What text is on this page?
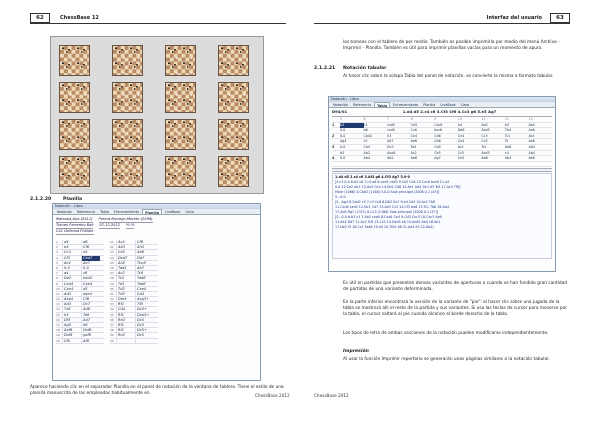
62	ChessBase 12
2.1.2.20	Planilla
Notación - Libro
Notación	Referencia	Tabla	Entrenamiento	Planilla	LiveBook	Libro
Matsuba,Ana (2411) Perera Borrego,Moreto (2598)
Torneo Ferrerino Bali 07.12.2012 ½-½
C41 Defensa Philidor
1	d4	d6
2	e4	Cf6
3	Cc3	e5
4	Cf3	Cbd7
5	Ac4	Ae7
6	0-0	0-0
7	a4	c6
8	De2	exd4
9	Cxd4	Cxe4
10	Cxe4	d5
11	Ad3	dxe4
12	Axe4	Cf6
13	Ad3	Dc7
14	Td1	Ad6
15	h3	Te8
16	Df3	Ad7
17	Ag5	h6
18	Axf6	Dxf6
19	Dxf6	gxf6
20	Cf5	Af8
21	Ac4	Cf6
22	Ab3	Ah5
23	Ce5	Ae6
24	Dxd7	Dd7
25	Ah2	Tbc8
26	Tad1	Ab7
27	Ac2	Tc8
28	Tc3	Tad8
29	Ta3	Tad8
30	Td2	Cxe4
31	Td3	Cd4
32	Dm5	Axg3+
33	Rf1	Tf8
34	Cd4	Dc5+
35	Rf1	Dxb5+
36	Re2	Dc5
37	Rf1	Dc5
38	Rf1	Dc5+
39	Re2	Dc5
40
Aparece haciendo clic en el separador Planilla en el panel de notación de la ventana de tablero. Tiene el estilo de una planilla manuscrita de las empleadas habitualmente en	ChessBase 2012
Interfaz del usuario	63
los torneos con el tablero de por medio. También es posible imprimirla por medio del menú Archivo - Imprimir - Planilla. También es útil para imprimir planillas vacías para un momento de apuro.
2.1.2.21 Notación tabular
Al hacer clic sobre la solapa Tabla del panel de notación, se convierte la misma a formato tabular.
Es útil en partidas que presenten densas variantes de aperturas o cuando se han fundido gran cantidad de partidas de una variante determinada.
En la parte inferior encontrará la versión de la variante de "pie": al hacer clic sobre una jugada de la tabla se mostrará allí el resto de la partida y sus variantes. Si usa las teclas de cursor para moverse por la tabla, el cursor saltará al pie cuando alcance el borde derecho de la tabla.
Los tipos de letra de ambas secciones de la notación pueden modificarse independientemente.
Impresión
Al usar la función Imprimir repertorio se generarán unas páginas similares a la notación tabular.
ChessBase 2012
Notación - Libro
Notación	Referencia	Tabla	Entrenamiento	Planilla	LiveBook	Libro
D94/01	1.d4 d5 2.c4 c6 3.Cf3 Cf6 4.Cc3 g6 5.e3 Ag7
5	6	7	8	9	10	11	12	13
1	b3	c4	cxd5	Ce5	Cxc6	a4	Ad2	b3	Ae4
0-0	b6	cxd5	Cc6	bxc6	Dd6	Axd5	Tb4	Ae6
2	0-0	Cbd2	h3	Ca4	Cd6	Ce4	Cc3	Tc1	Ac4
Ag4	c5	Ad7	Ae6	Cb6	Ce4	Cc5	f5	Ae6
3	0-0	Ca4	Dc2	Ta4	Cd4	Ac1	Tc1	Ae6	Ab4
b3	Ab2	Axd4	Ac2	Ce5	Cc5	Axd5	c4	Ab4
4	0-0	Ab4	Ab2	Ae6	Ag7	Ce5	Ab6	Ab4	Ae6
1.d4 d5 2.c4 c6 3.Af3 g6 4.Cf3 Ag7 5.0-0
[5.c3 0-0 6.b3 c6 7.c4 a6 8.cxd5 cxd5 9.Ce5 Cc6 10.Cxc6 bxc6 11.a4
0-0 12.Ce2 Ab7 13.Ae3 Ce4 14.De2 Cd6 15.Ae1 Ad4 16.Cd3 Tc8 17.Ac3 Tf8]
More (1066) 4.Cbd2 (1168) 5.0-0 Sala principal (2008 0-1 (43)]
5...0-0
[5...Ag4 6.Cbd2 c5 7.c3 Cc6 8.Db3 Dc7 9.a4 Cd4 10.Ac2 Tb8
11.Cxd4 cxd4 12.De1 Cd7 13.Ad3 Cc5 14.Cf3 Ae6 15.Tc1 Tb6 16.Ab4
17.Ad3 Rg7 (1311) 6.Cc3 (1166) Sala principal (2008 0-1 (37)]
[5...0-0 6.b3 c5 7.Ab2 cxd4 8.Cxd4 Ce4 9.Cd3 Cxc3 10.Cxc3 Ae6
11.Ae2 Dd7 12.Ac2 Tc8 13.Cc5 14.Dxd5 a6 15.dxd5 Ab4 16.Ae1
17.De2 f5 18.Cc1 Tad8 19.d4 20.Tfd1 e6 21.Ae4 e5 22.Ab4]
